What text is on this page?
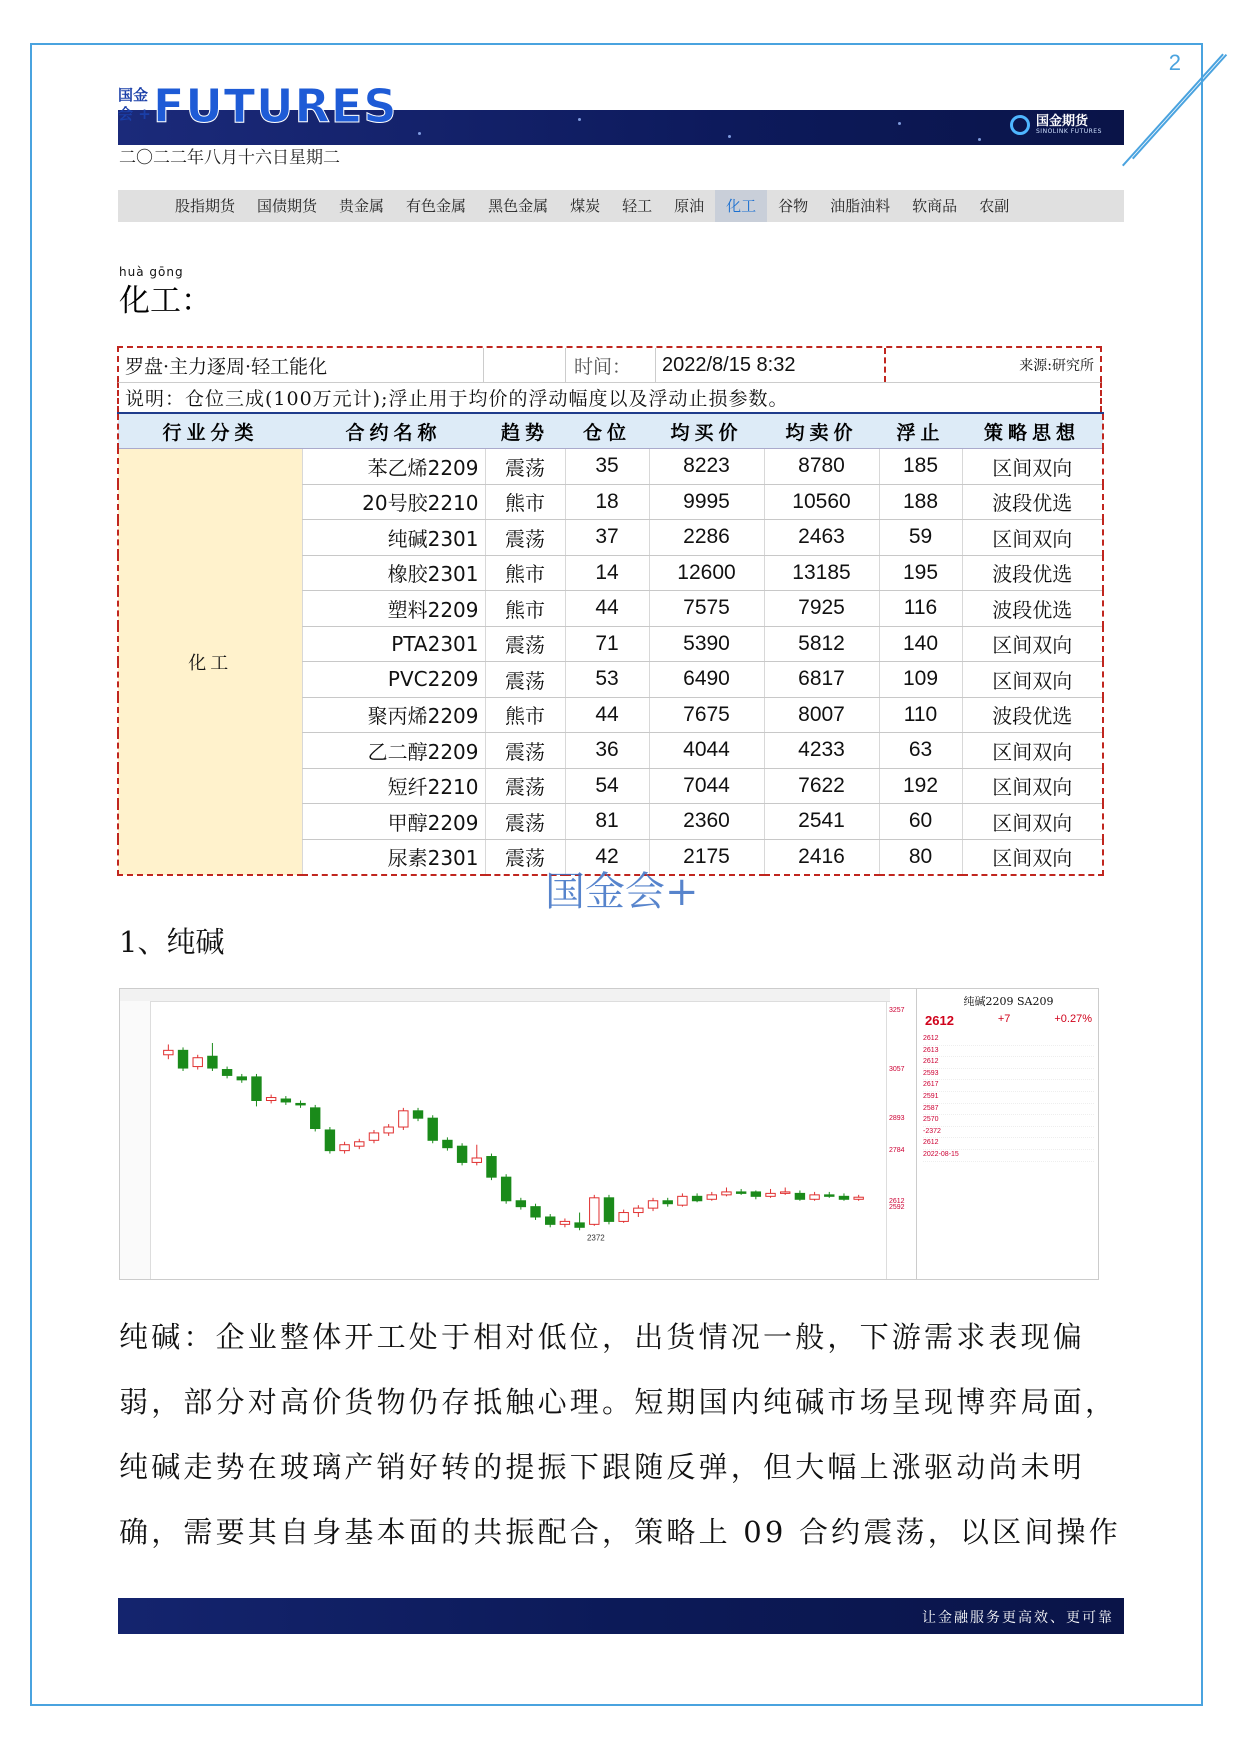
2
国金
会 + FUTURES	国金期货
SINOLINK FUTURES
二〇二二年八月十六日星期二
股指期货	国债期货	贵金属	有色金属	黑色金属	煤炭	轻工	原油	化工	谷物	油脂油料	软商品	农副
huà gōng
化工：
罗盘·主力逐周·轻工能化	时间：	2022/8/15 8:32	来源:研究所
说明：仓位三成(100万元计);浮止用于均价的浮动幅度以及浮动止损参数。
行业分类	合约名称	趋势	仓位	均买价	均卖价	浮止	策略思想
化工	苯乙烯2209	震荡	35	8223	8780	185	区间双向
	20号胶2210	熊市	18	9995	10560	188	波段优选
	纯碱2301	震荡	37	2286	2463	59	区间双向
	橡胶2301	熊市	14	12600	13185	195	波段优选
	塑料2209	熊市	44	7575	7925	116	波段优选
	PTA2301	震荡	71	5390	5812	140	区间双向
	PVC2209	震荡	53	6490	6817	109	区间双向
	聚丙烯2209	熊市	44	7675	8007	110	波段优选
	乙二醇2209	震荡	36	4044	4233	63	区间双向
	短纤2210	震荡	54	7044	7622	192	区间双向
	甲醇2209	震荡	81	2360	2541	60	区间双向
	尿素2301	震荡	42	2175	2416	80	区间双向
国金会+
1、纯碱
2372
3257
3057
2893
2784
2612
2592
纯碱2209 SA209
2612	+7	+0.27%
2612
2613
2612
2593
2617
2591
2587
2570
-2372
2612
2022-08-15
纯碱：企业整体开工处于相对低位，出货情况一般，下游需求表现偏
弱，部分对高价货物仍存抵触心理。短期国内纯碱市场呈现博弈局面，
纯碱走势在玻璃产销好转的提振下跟随反弹，但大幅上涨驱动尚未明
确，需要其自身基本面的共振配合，策略上 09 合约震荡，以区间操作
让金融服务更高效、更可靠
